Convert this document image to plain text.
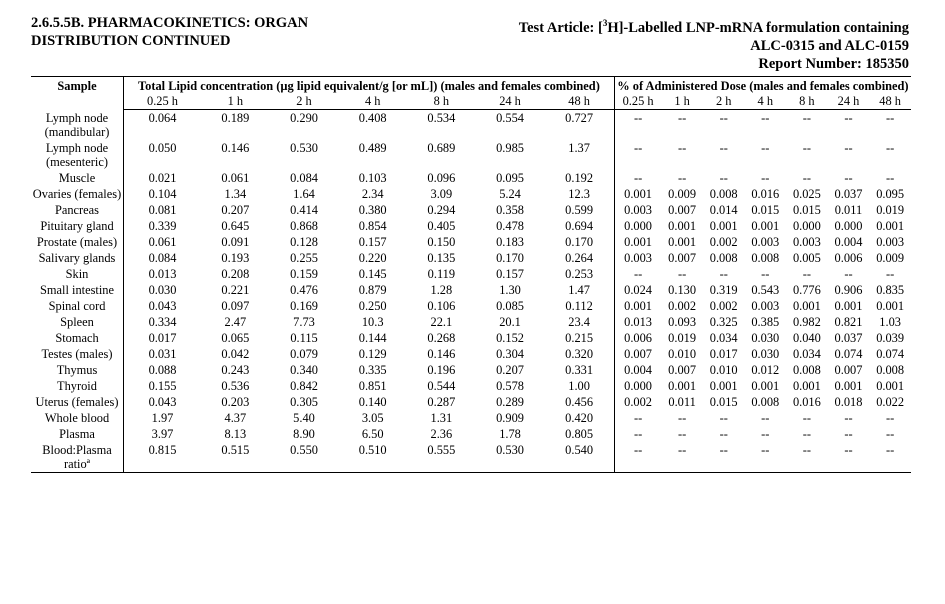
2.6.5.5B. PHARMACOKINETICS: ORGAN
DISTRIBUTION CONTINUED
Test Article: [$^3$H]-Labelled LNP-mRNA formulation containing
ALC-0315 and ALC-0159
Report Number: 185350
Sample	Total Lipid concentration (µg lipid equivalent/g [or mL]) (males and females combined)							% of Administered Dose (males and females combined)						
	0.25 h	1 h	2 h	4 h	8 h	24 h	48 h	0.25 h	1 h	2 h	4 h	8 h	24 h	48 h
Lymph node (mandibular)	0.064	0.189	0.290	0.408	0.534	0.554	0.727	--	--	--	--	--	--	--
Lymph node (mesenteric)	0.050	0.146	0.530	0.489	0.689	0.985	1.37	--	--	--	--	--	--	--
Muscle	0.021	0.061	0.084	0.103	0.096	0.095	0.192	--	--	--	--	--	--	--
Ovaries (females)	0.104	1.34	1.64	2.34	3.09	5.24	12.3	0.001	0.009	0.008	0.016	0.025	0.037	0.095
Pancreas	0.081	0.207	0.414	0.380	0.294	0.358	0.599	0.003	0.007	0.014	0.015	0.015	0.011	0.019
Pituitary gland	0.339	0.645	0.868	0.854	0.405	0.478	0.694	0.000	0.001	0.001	0.001	0.000	0.000	0.001
Prostate (males)	0.061	0.091	0.128	0.157	0.150	0.183	0.170	0.001	0.001	0.002	0.003	0.003	0.004	0.003
Salivary glands	0.084	0.193	0.255	0.220	0.135	0.170	0.264	0.003	0.007	0.008	0.008	0.005	0.006	0.009
Skin	0.013	0.208	0.159	0.145	0.119	0.157	0.253	--	--	--	--	--	--	--
Small intestine	0.030	0.221	0.476	0.879	1.28	1.30	1.47	0.024	0.130	0.319	0.543	0.776	0.906	0.835
Spinal cord	0.043	0.097	0.169	0.250	0.106	0.085	0.112	0.001	0.002	0.002	0.003	0.001	0.001	0.001
Spleen	0.334	2.47	7.73	10.3	22.1	20.1	23.4	0.013	0.093	0.325	0.385	0.982	0.821	1.03
Stomach	0.017	0.065	0.115	0.144	0.268	0.152	0.215	0.006	0.019	0.034	0.030	0.040	0.037	0.039
Testes (males)	0.031	0.042	0.079	0.129	0.146	0.304	0.320	0.007	0.010	0.017	0.030	0.034	0.074	0.074
Thymus	0.088	0.243	0.340	0.335	0.196	0.207	0.331	0.004	0.007	0.010	0.012	0.008	0.007	0.008
Thyroid	0.155	0.536	0.842	0.851	0.544	0.578	1.00	0.000	0.001	0.001	0.001	0.001	0.001	0.001
Uterus (females)	0.043	0.203	0.305	0.140	0.287	0.289	0.456	0.002	0.011	0.015	0.008	0.016	0.018	0.022
Whole blood	1.97	4.37	5.40	3.05	1.31	0.909	0.420	--	--	--	--	--	--	--
Plasma	3.97	8.13	8.90	6.50	2.36	1.78	0.805	--	--	--	--	--	--	--
Blood:Plasma ratioª	0.815	0.515	0.550	0.510	0.555	0.530	0.540	--	--	--	--	--	--	--
